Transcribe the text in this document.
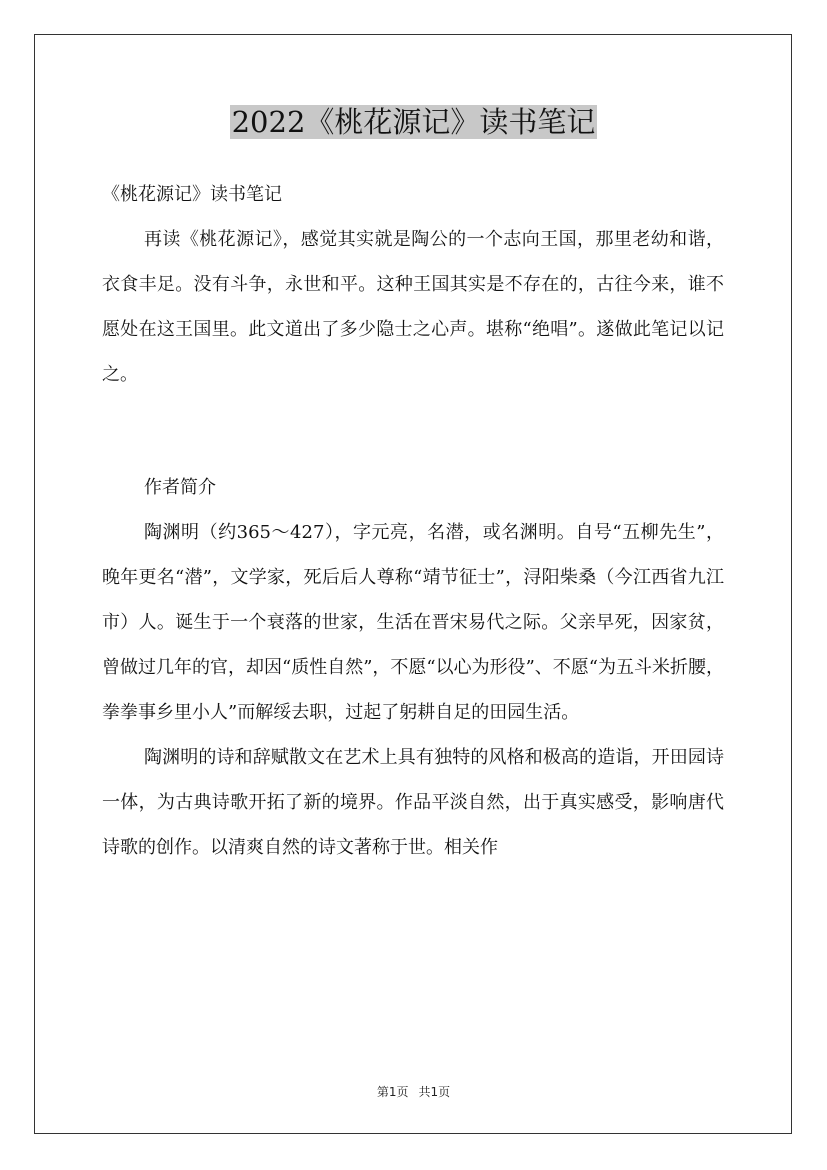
2022《桃花源记》读书笔记

《桃花源记》读书笔记

再读《桃花源记》，感觉其实就是陶公的一个志向王国，那里老幼和谐，衣食丰足。没有斗争，永世和平。这种王国其实是不存在的，古往今来，谁不愿处在这王国里。此文道出了多少隐士之心声。堪称“绝唱”。遂做此笔记以记之。

作者简介

陶渊明（约365～427），字元亮，名潜，或名渊明。自号“五柳先生”，晚年更名“潜”，文学家，死后后人尊称“靖节征士”，浔阳柴桑（今江西省九江市）人。诞生于一个衰落的世家，生活在晋宋易代之际。父亲早死，因家贫，曾做过几年的官，却因“质性自然”，不愿“以心为形役”、不愿“为五斗米折腰，拳拳事乡里小人”而解绥去职，过起了躬耕自足的田园生活。

陶渊明的诗和辞赋散文在艺术上具有独特的风格和极高的造诣，开田园诗一体，为古典诗歌开拓了新的境界。作品平淡自然，出于真实感受，影响唐代诗歌的创作。以清爽自然的诗文著称于世。相关作

第1页 共1页
